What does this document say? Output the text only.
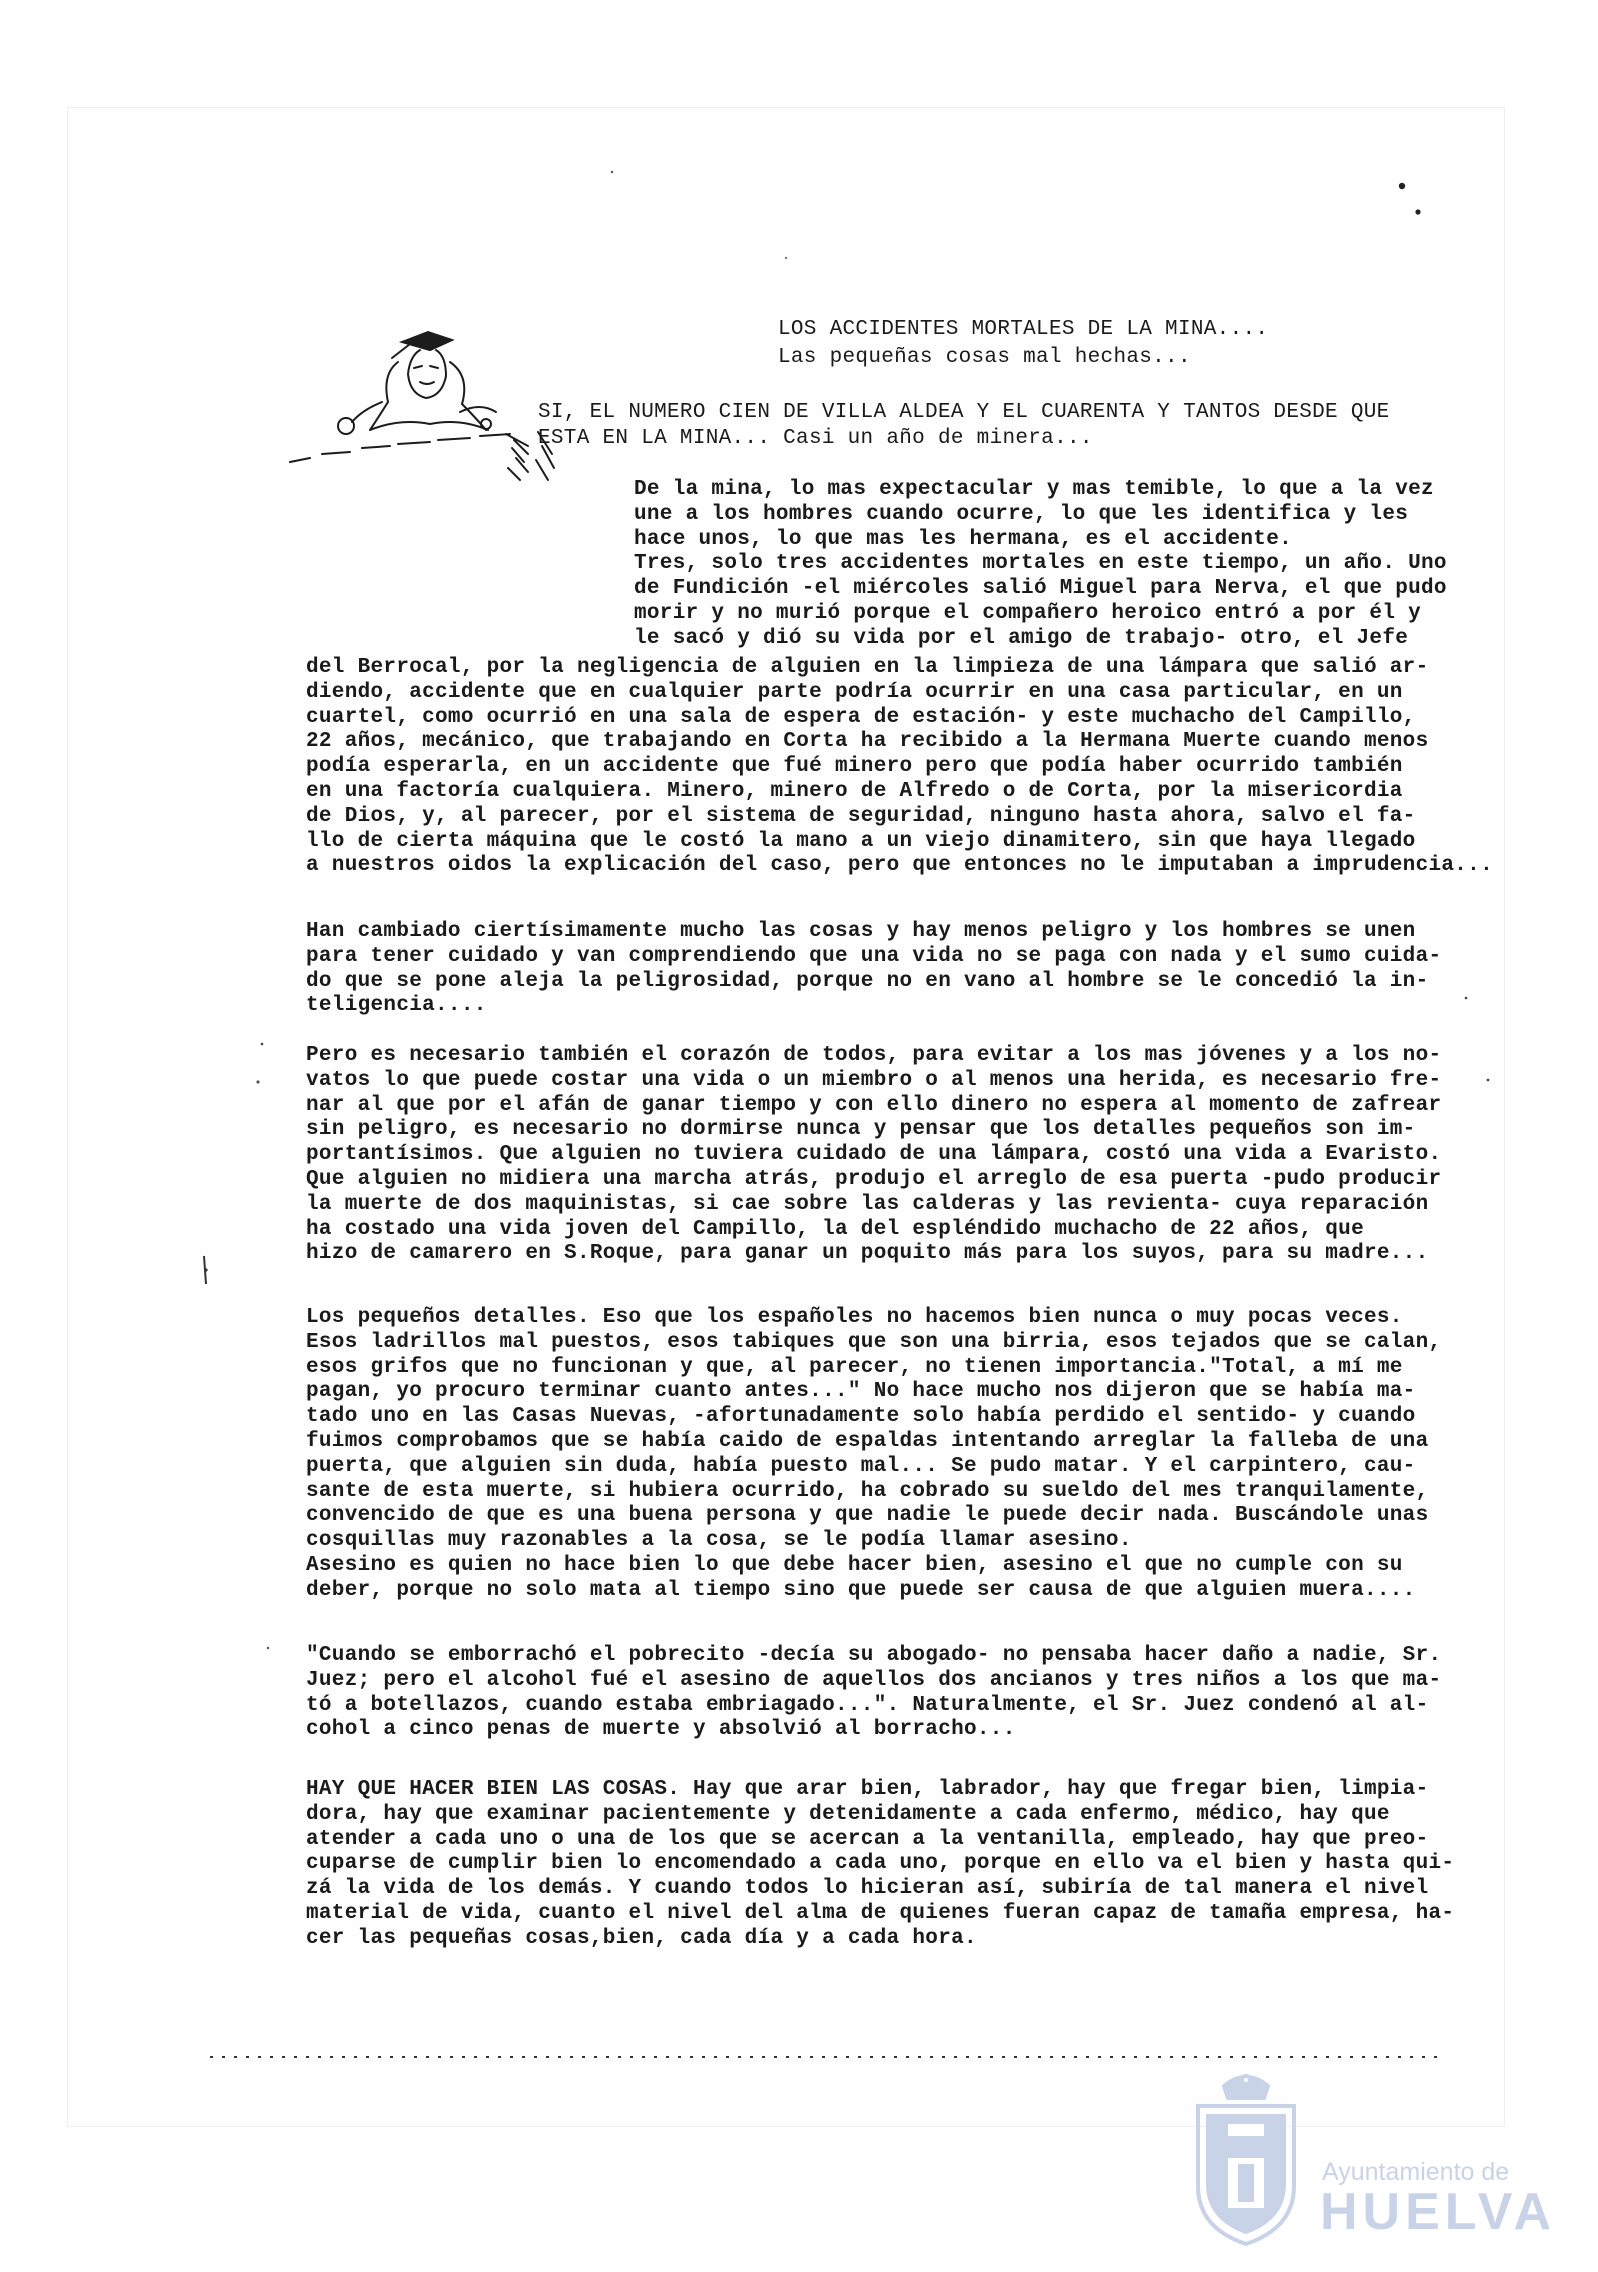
LOS ACCIDENTES MORTALES DE LA MINA....
Las pequeñas cosas mal hechas...
SI, EL NUMERO CIEN DE VILLA ALDEA Y EL CUARENTA Y TANTOS DESDE QUE
ESTA EN LA MINA... Casi un año de minera...
De la mina, lo mas expectacular y mas temible, lo que a la vez
une a los hombres cuando ocurre, lo que les identifica y les
hace unos, lo que mas les hermana, es el accidente.
Tres, solo tres accidentes mortales en este tiempo, un año. Uno
de Fundición -el miércoles salió Miguel para Nerva, el que pudo
morir y no murió porque el compañero heroico entró a por él y
le sacó y dió su vida por el amigo de trabajo- otro, el Jefe
del Berrocal, por la negligencia de alguien en la limpieza de una lámpara que salió ar-
diendo, accidente que en cualquier parte podría ocurrir en una casa particular, en un
cuartel, como ocurrió en una sala de espera de estación- y este muchacho del Campillo,
22 años, mecánico, que trabajando en Corta ha recibido a la Hermana Muerte cuando menos
podía esperarla, en un accidente que fué minero pero que podía haber ocurrido también
en una factoría cualquiera. Minero, minero de Alfredo o de Corta, por la misericordia
de Dios, y, al parecer, por el sistema de seguridad, ninguno hasta ahora, salvo el fa-
llo de cierta máquina que le costó la mano a un viejo dinamitero, sin que haya llegado
a nuestros oidos la explicación del caso, pero que entonces no le imputaban a imprudencia...
Han cambiado ciertísimamente mucho las cosas y hay menos peligro y los hombres se unen
para tener cuidado y van comprendiendo que una vida no se paga con nada y el sumo cuida-
do que se pone aleja la peligrosidad, porque no en vano al hombre se le concedió la in-
teligencia....
Pero es necesario también el corazón de todos, para evitar a los mas jóvenes y a los no-
vatos lo que puede costar una vida o un miembro o al menos una herida, es necesario fre-
nar al que por el afán de ganar tiempo y con ello dinero no espera al momento de zafrear
sin peligro, es necesario no dormirse nunca y pensar que los detalles pequeños son im-
portantísimos. Que alguien no tuviera cuidado de una lámpara, costó una vida a Evaristo.
Que alguien no midiera una marcha atrás, produjo el arreglo de esa puerta -pudo producir
la muerte de dos maquinistas, si cae sobre las calderas y las revienta- cuya reparación
ha costado una vida joven del Campillo, la del espléndido muchacho de 22 años, que
hizo de camarero en S.Roque, para ganar un poquito más para los suyos, para su madre...
Los pequeños detalles. Eso que los españoles no hacemos bien nunca o muy pocas veces.
Esos ladrillos mal puestos, esos tabiques que son una birria, esos tejados que se calan,
esos grifos que no funcionan y que, al parecer, no tienen importancia."Total, a mí me
pagan, yo procuro terminar cuanto antes..." No hace mucho nos dijeron que se había ma-
tado uno en las Casas Nuevas, -afortunadamente solo había perdido el sentido- y cuando
fuimos comprobamos que se había caido de espaldas intentando arreglar la falleba de una
puerta, que alguien sin duda, había puesto mal... Se pudo matar. Y el carpintero, cau-
sante de esta muerte, si hubiera ocurrido, ha cobrado su sueldo del mes tranquilamente,
convencido de que es una buena persona y que nadie le puede decir nada. Buscándole unas
cosquillas muy razonables a la cosa, se le podía llamar asesino.
Asesino es quien no hace bien lo que debe hacer bien, asesino el que no cumple con su
deber, porque no solo mata al tiempo sino que puede ser causa de que alguien muera....
"Cuando se emborrachó el pobrecito -decía su abogado- no pensaba hacer daño a nadie, Sr.
Juez; pero el alcohol fué el asesino de aquellos dos ancianos y tres niños a los que ma-
tó a botellazos, cuando estaba embriagado...". Naturalmente, el Sr. Juez condenó al al-
cohol a cinco penas de muerte y absolvió al borracho...
HAY QUE HACER BIEN LAS COSAS. Hay que arar bien, labrador, hay que fregar bien, limpia-
dora, hay que examinar pacientemente y detenidamente a cada enfermo, médico, hay que
atender a cada uno o una de los que se acercan a la ventanilla, empleado, hay que preo-
cuparse de cumplir bien lo encomendado a cada uno, porque en ello va el bien y hasta qui-
zá la vida de los demás. Y cuando todos lo hicieran así, subiría de tal manera el nivel
material de vida, cuanto el nivel del alma de quienes fueran capaz de tamaña empresa, ha-
cer las pequeñas cosas,bien, cada día y a cada hora.
Ayuntamiento de
HUELVA
